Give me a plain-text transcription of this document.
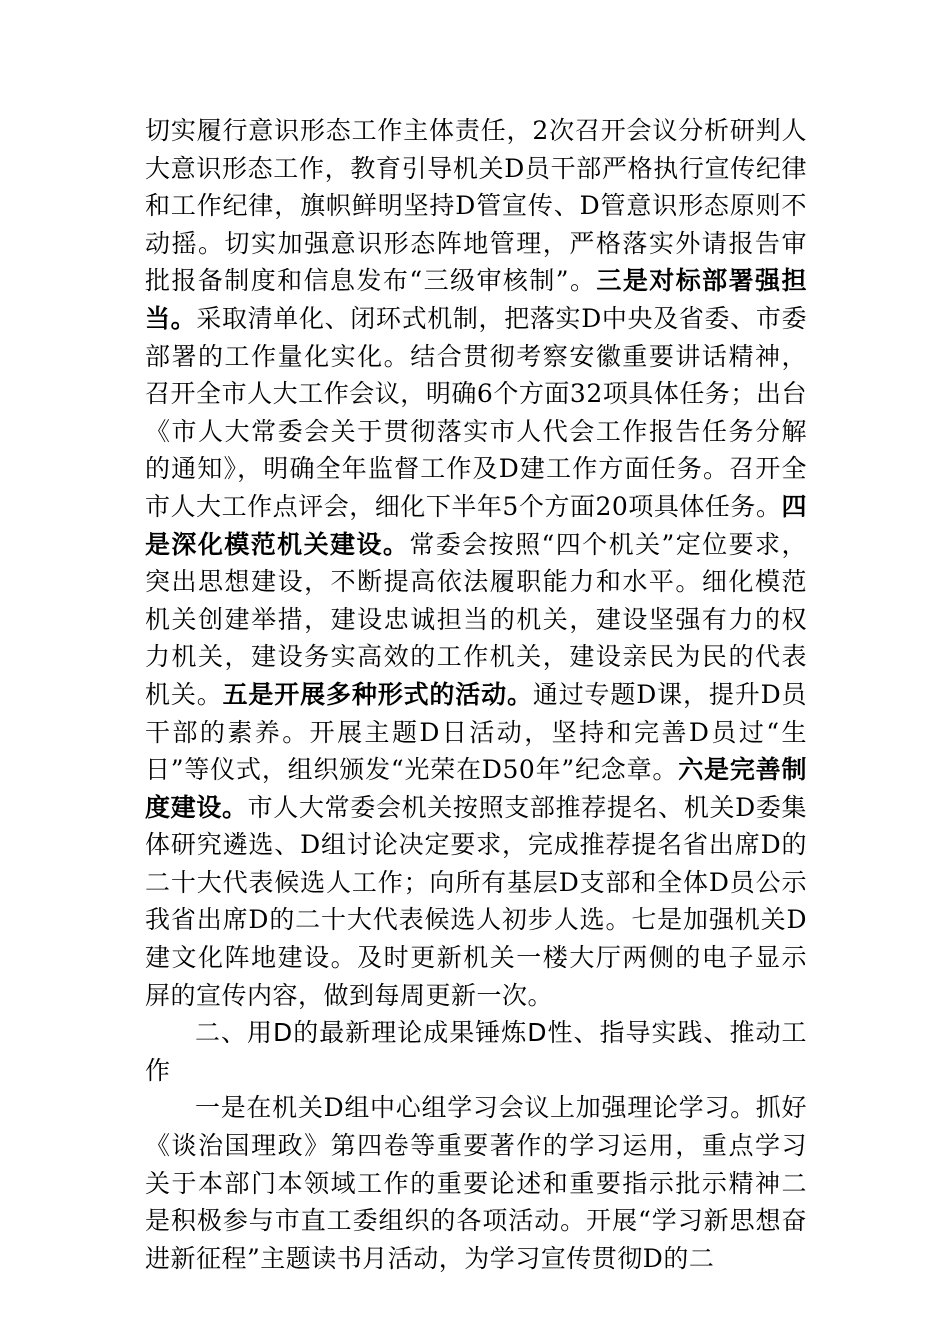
切实履行意识形态工作主体责任，2次召开会议分析研判人大意识形态工作，教育引导机关D员干部严格执行宣传纪律和工作纪律，旗帜鲜明坚持D管宣传、D管意识形态原则不动摇。切实加强意识形态阵地管理，严格落实外请报告审批报备制度和信息发布“三级审核制”。三是对标部署强担当。采取清单化、闭环式机制，把落实D中央及省委、市委部署的工作量化实化。结合贯彻考察安徽重要讲话精神，召开全市人大工作会议，明确6个方面32项具体任务；出台《市人大常委会关于贯彻落实市人代会工作报告任务分解的通知》，明确全年监督工作及D建工作方面任务。召开全市人大工作点评会，细化下半年5个方面20项具体任务。四是深化模范机关建设。常委会按照“四个机关”定位要求，突出思想建设，不断提高依法履职能力和水平。细化模范机关创建举措，建设忠诚担当的机关，建设坚强有力的权力机关，建设务实高效的工作机关，建设亲民为民的代表机关。五是开展多种形式的活动。通过专题D课，提升D员干部的素养。开展主题D日活动，坚持和完善D员过“生日”等仪式，组织颁发“光荣在D50年”纪念章。六是完善制度建设。市人大常委会机关按照支部推荐提名、机关D委集体研究遴选、D组讨论决定要求，完成推荐提名省出席D的二十大代表候选人工作；向所有基层D支部和全体D员公示我省出席D的二十大代表候选人初步人选。七是加强机关D建文化阵地建设。及时更新机关一楼大厅两侧的电子显示屏的宣传内容，做到每周更新一次。

二、用D的最新理论成果锤炼D性、指导实践、推动工作

一是在机关D组中心组学习会议上加强理论学习。抓好《谈治国理政》第四卷等重要著作的学习运用，重点学习关于本部门本领域工作的重要论述和重要指示批示精神二是积极参与市直工委组织的各项活动。开展“学习新思想奋进新征程”主题读书月活动，为学习宣传贯彻D的二
